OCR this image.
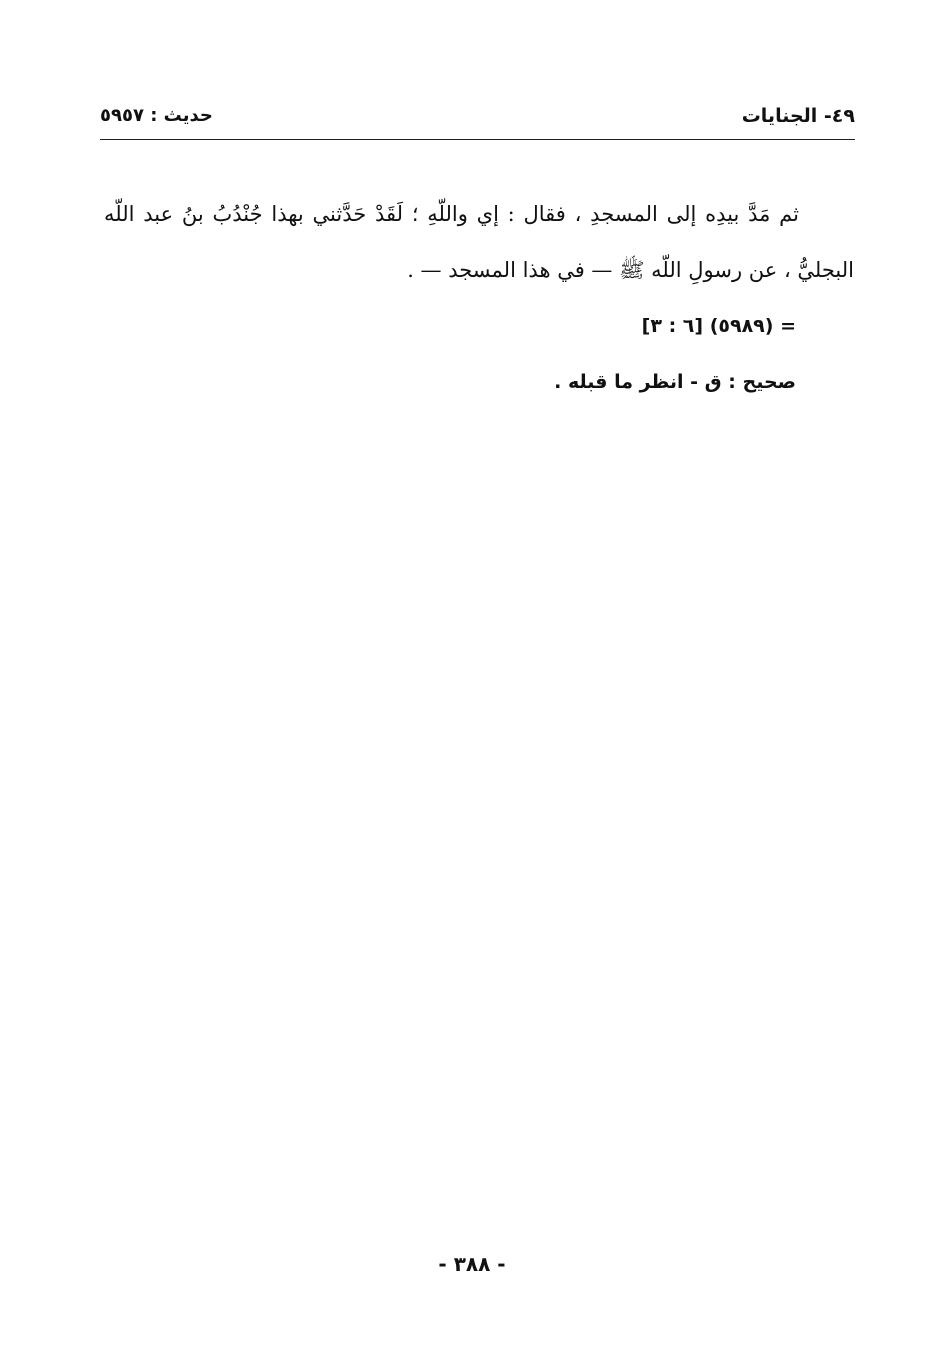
٤٩- الجنايات
حديث : ٥٩٥٧

ثم مَدَّ بيدِه إلى المسجدِ ، فقال : إي واللّهِ ؛ لَقَدْ حَدَّثني بهذا جُنْدُبُ بنُ عبد اللّه البجليُّ ، عن رسولِ اللّه ﷺ — في هذا المسجد — .

= (٥٩٨٩) [٦ : ٣]

صحيح : ق - انظر ما قبله .

- ٣٨٨ -
